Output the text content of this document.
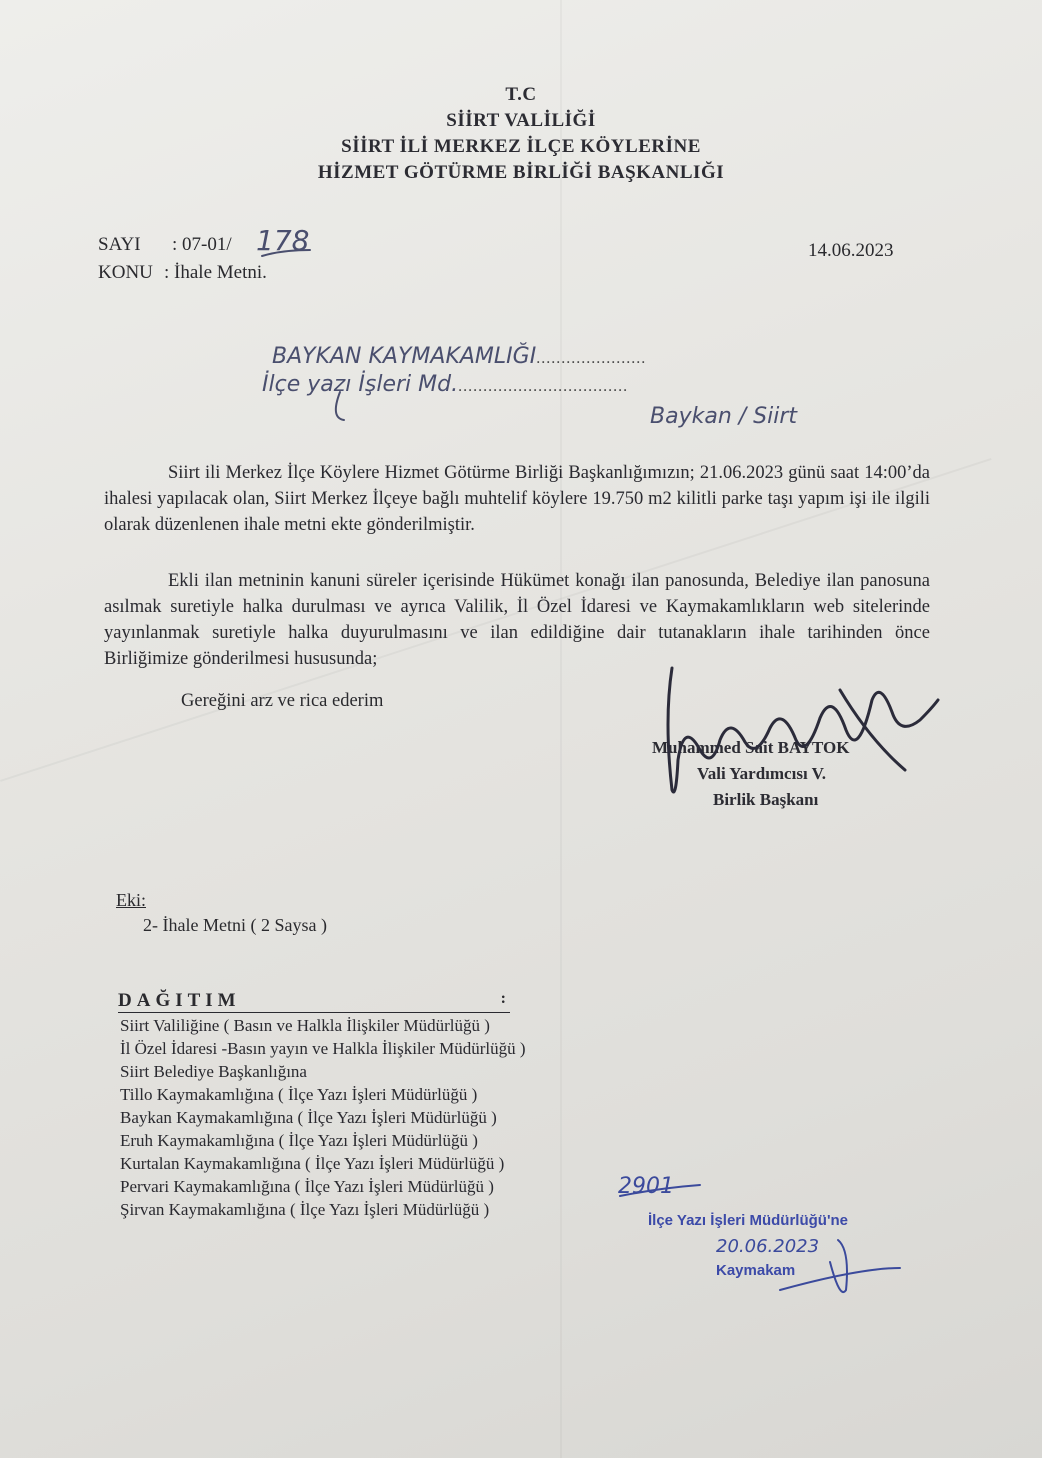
T.C
SİİRT VALİLİĞİ
SİİRT İLİ MERKEZ İLÇE KÖYLERİNE
HİZMET GÖTÜRME BİRLİĞİ BAŞKANLIĞI
SAYI : 07-01/ 178	14.06.2023
KONU : İhale Metni.
BAYKAN KAYMAKAMLIĞI......................
İlçe yazı İşleri Md...................................
Baykan / Siirt
Siirt ili Merkez İlçe Köylere Hizmet Götürme Birliği Başkanlığımızın; 21.06.2023 günü saat 14:00’da ihalesi yapılacak olan, Siirt Merkez İlçeye bağlı muhtelif köylere 19.750 m2 kilitli parke taşı yapım işi ile ilgili olarak düzenlenen ihale metni ekte gönderilmiştir.
Ekli ilan metninin kanuni süreler içerisinde Hükümet konağı ilan panosunda, Belediye ilan panosuna asılmak suretiyle halka durulması ve ayrıca Valilik, İl Özel İdaresi ve Kaymakamlıkların web sitelerinde yayınlanmak suretiyle halka duyurulmasını ve ilan edildiğine dair tutanakların ihale tarihinden önce Birliğimize gönderilmesi hususunda;
Gereğini arz ve rica ederim
Muhammed Sait BAYTOK
Vali Yardımcısı V.
Birlik Başkanı
Eki:
2- İhale Metni ( 2 Saysa )
DAĞITIM	:
Siirt Valiliğine ( Basın ve Halkla İlişkiler Müdürlüğü )
İl Özel İdaresi -Basın yayın ve Halkla İlişkiler Müdürlüğü )
Siirt Belediye Başkanlığına
Tillo Kaymakamlığına ( İlçe Yazı İşleri Müdürlüğü )
Baykan Kaymakamlığına ( İlçe Yazı İşleri Müdürlüğü )
Eruh Kaymakamlığına ( İlçe Yazı İşleri Müdürlüğü )
Kurtalan Kaymakamlığına ( İlçe Yazı İşleri Müdürlüğü )
Pervari Kaymakamlığına ( İlçe Yazı İşleri Müdürlüğü )
Şirvan Kaymakamlığına ( İlçe Yazı İşleri Müdürlüğü )
2901
İlçe Yazı İşleri Müdürlüğü'ne
20.06.2023
Kaymakam
